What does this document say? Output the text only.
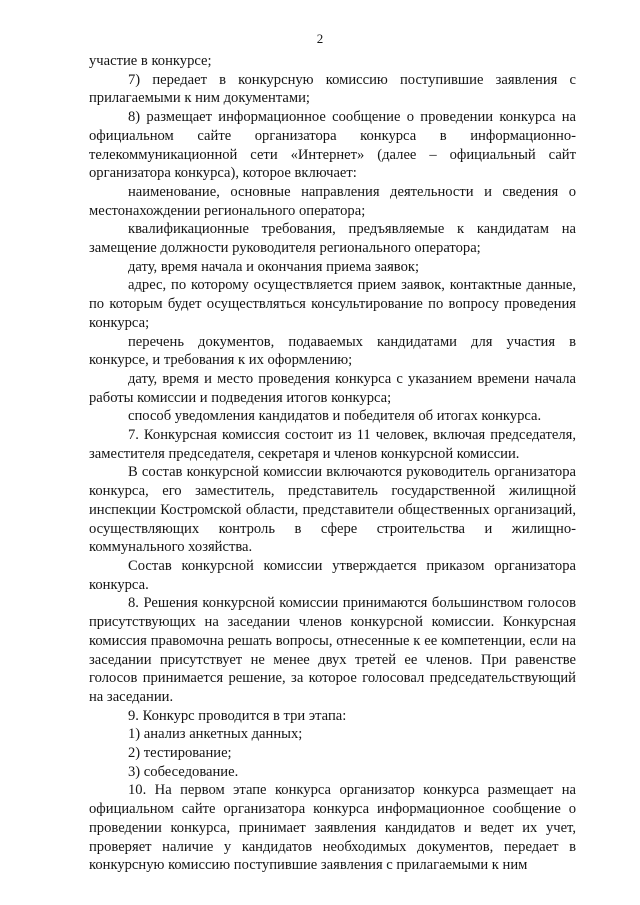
2

участие в конкурсе;

7) передает в конкурсную комиссию поступившие заявления с прилагаемыми к ним документами;

8) размещает информационное сообщение о проведении конкурса на официальном сайте организатора конкурса в информационно-телекоммуникационной сети «Интернет» (далее – официальный сайт организатора конкурса), которое включает:

наименование, основные направления деятельности и сведения о местонахождении регионального оператора;

квалификационные требования, предъявляемые к кандидатам на замещение должности руководителя регионального оператора;

дату, время начала и окончания приема заявок;

адрес, по которому осуществляется прием заявок, контактные данные, по которым будет осуществляться консультирование по вопросу проведения конкурса;

перечень документов, подаваемых кандидатами для участия в конкурсе, и требования к их оформлению;

дату, время и место проведения конкурса с указанием времени начала работы комиссии и подведения итогов конкурса;

способ уведомления кандидатов и победителя об итогах конкурса.

7. Конкурсная комиссия состоит из 11 человек, включая председателя, заместителя председателя, секретаря и членов конкурсной комиссии.

В состав конкурсной комиссии включаются руководитель организатора конкурса, его заместитель, представитель государственной жилищной инспекции Костромской области, представители общественных организаций, осуществляющих контроль в сфере строительства и жилищно-коммунального хозяйства.

Состав конкурсной комиссии утверждается приказом организатора конкурса.

8. Решения конкурсной комиссии принимаются большинством голосов присутствующих на заседании членов конкурсной комиссии. Конкурсная комиссия правомочна решать вопросы, отнесенные к ее компетенции, если на заседании присутствует не менее двух третей ее членов. При равенстве голосов принимается решение, за которое голосовал председательствующий на заседании.

9. Конкурс проводится в три этапа:

1) анализ анкетных данных;

2) тестирование;

3) собеседование.

10. На первом этапе конкурса организатор конкурса размещает на официальном сайте организатора конкурса информационное сообщение о проведении конкурса, принимает заявления кандидатов и ведет их учет, проверяет наличие у кандидатов необходимых документов, передает в конкурсную комиссию поступившие заявления с прилагаемыми к ним
